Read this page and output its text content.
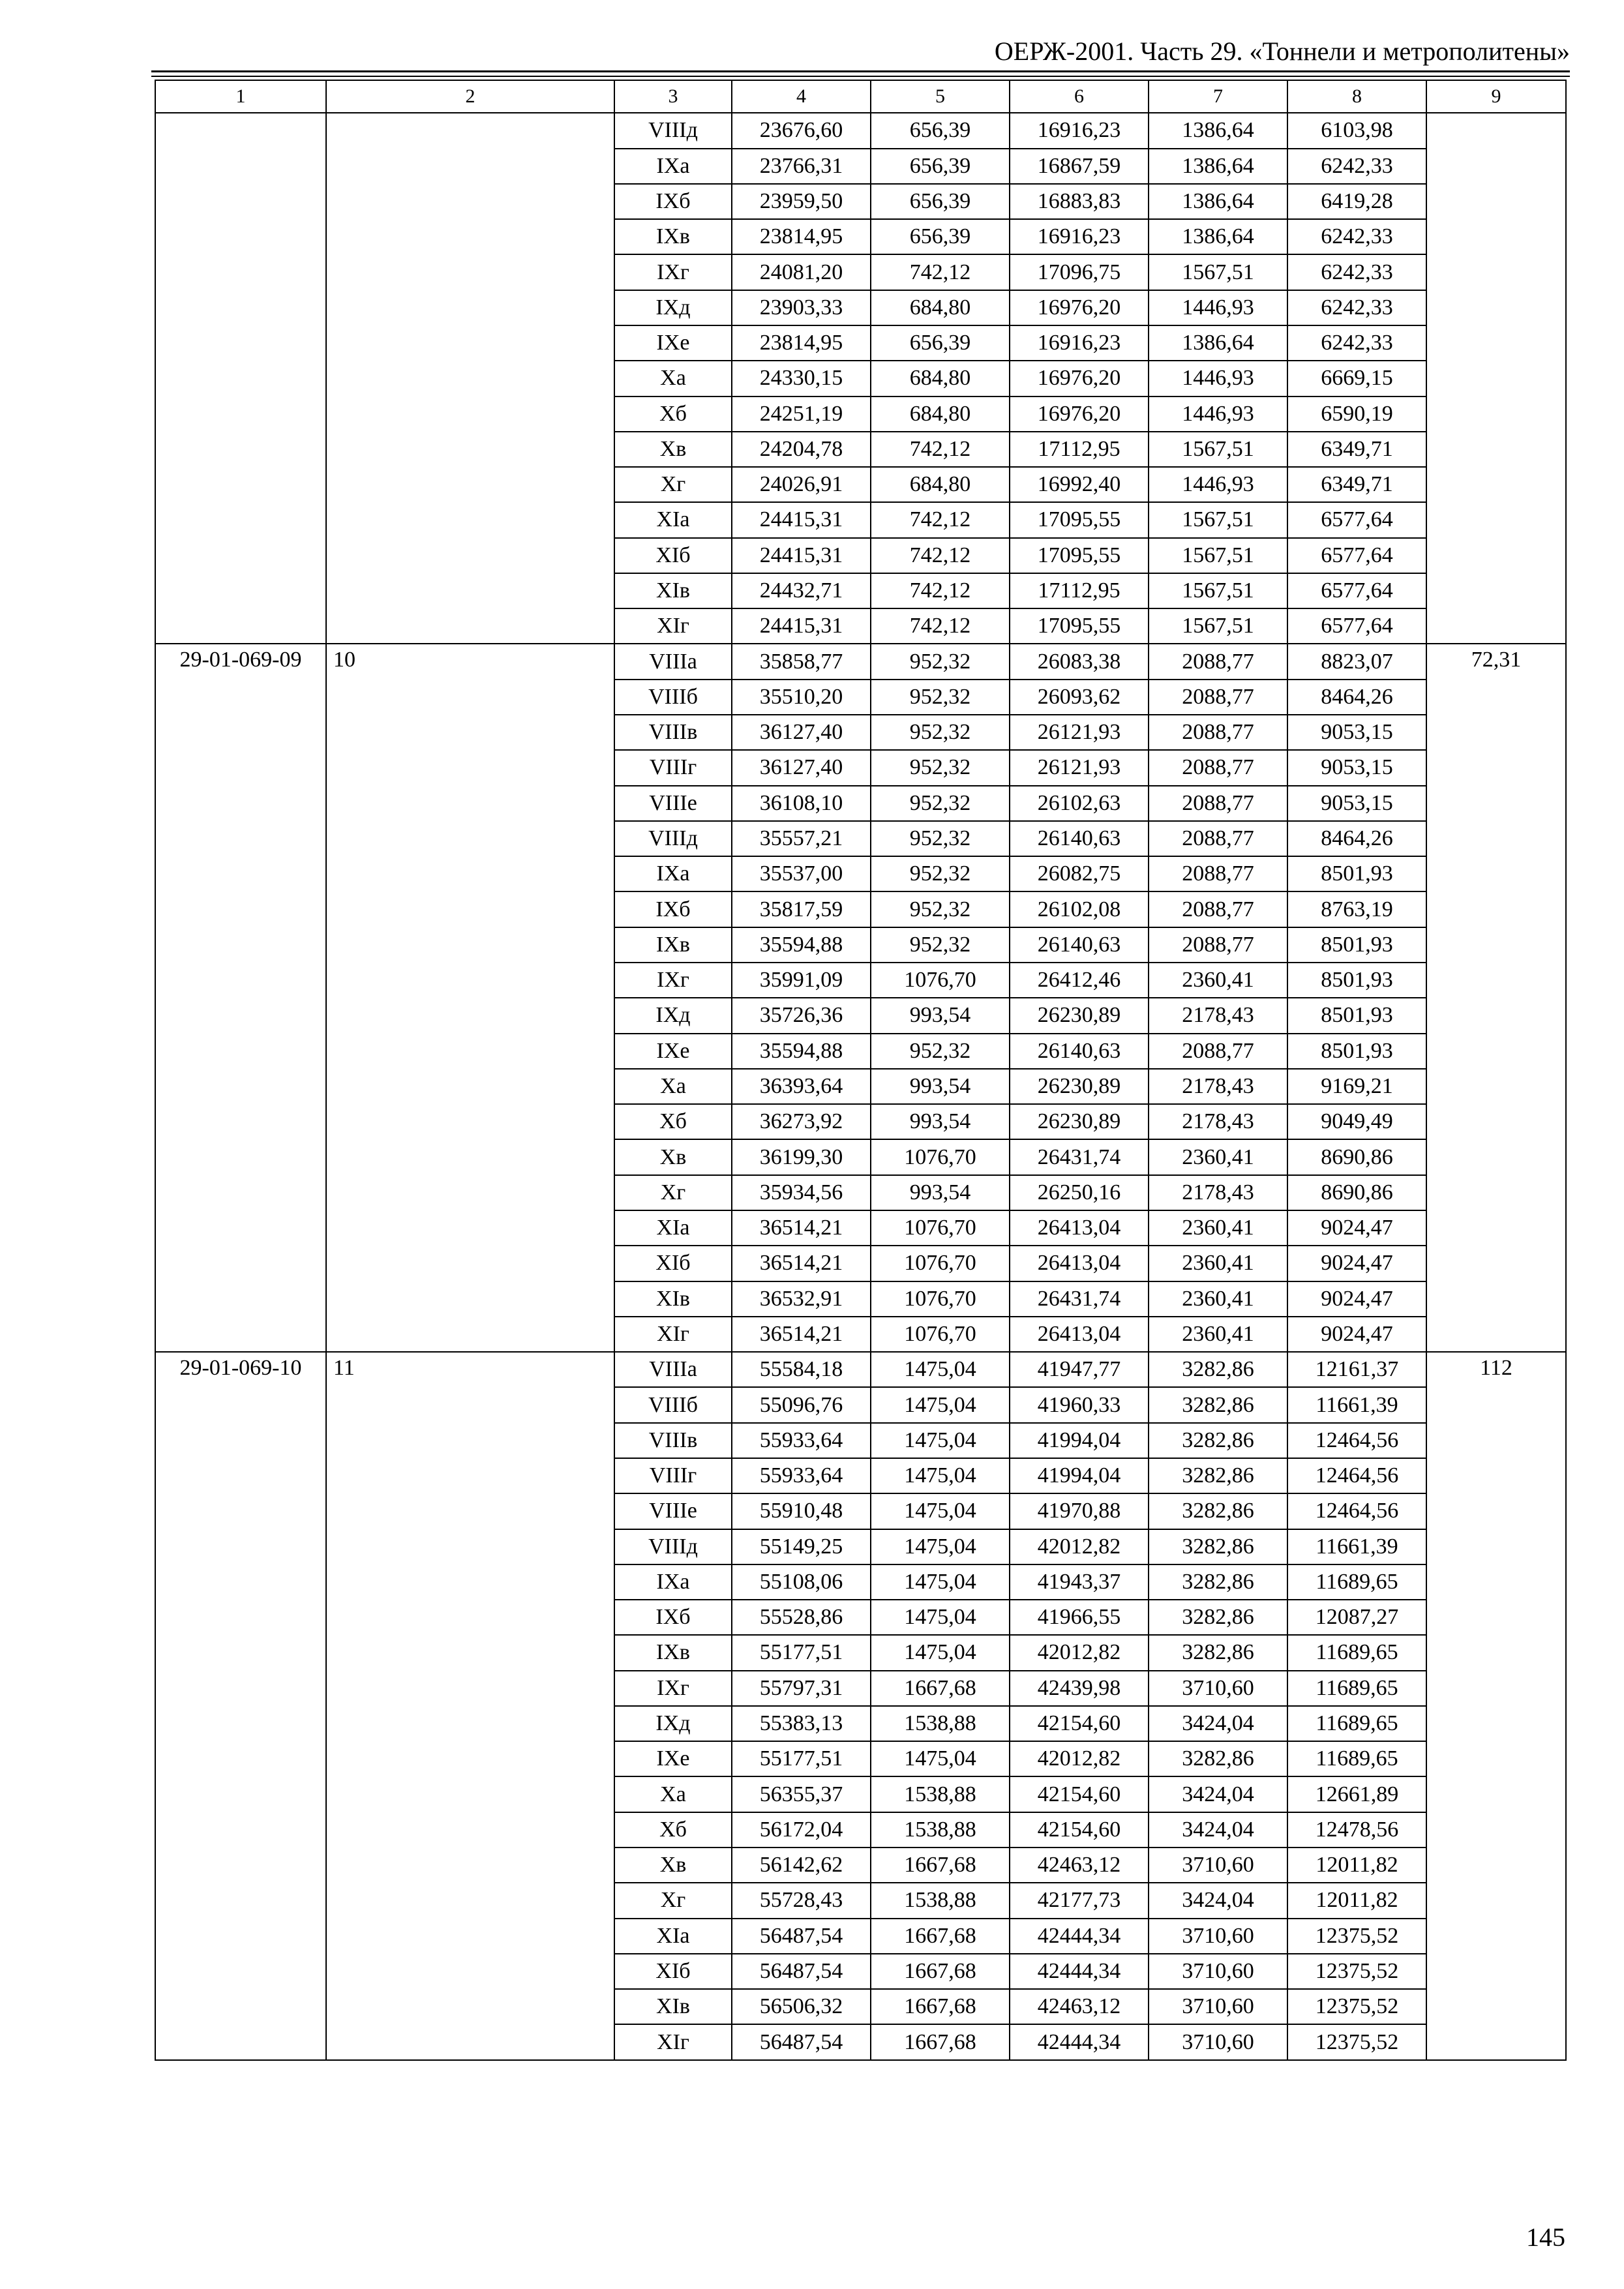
ОЕРЖ-2001. Часть 29. «Тоннели и метрополитены»
1	2	3	4	5	6	7	8	9
		VIIIд	23676,60	656,39	16916,23	1386,64	6103,98	
		IXа	23766,31	656,39	16867,59	1386,64	6242,33	
		IXб	23959,50	656,39	16883,83	1386,64	6419,28	
		IXв	23814,95	656,39	16916,23	1386,64	6242,33	
		IXг	24081,20	742,12	17096,75	1567,51	6242,33	
		IXд	23903,33	684,80	16976,20	1446,93	6242,33	
		IXе	23814,95	656,39	16916,23	1386,64	6242,33	
		Xа	24330,15	684,80	16976,20	1446,93	6669,15	
		Xб	24251,19	684,80	16976,20	1446,93	6590,19	
		Xв	24204,78	742,12	17112,95	1567,51	6349,71	
		Xг	24026,91	684,80	16992,40	1446,93	6349,71	
		XIа	24415,31	742,12	17095,55	1567,51	6577,64	
		XIб	24415,31	742,12	17095,55	1567,51	6577,64	
		XIв	24432,71	742,12	17112,95	1567,51	6577,64	
		XIг	24415,31	742,12	17095,55	1567,51	6577,64	
29-01-069-09	10	VIIIа	35858,77	952,32	26083,38	2088,77	8823,07	72,31
		VIIIб	35510,20	952,32	26093,62	2088,77	8464,26	
		VIIIв	36127,40	952,32	26121,93	2088,77	9053,15	
		VIIIг	36127,40	952,32	26121,93	2088,77	9053,15	
		VIIIе	36108,10	952,32	26102,63	2088,77	9053,15	
		VIIIд	35557,21	952,32	26140,63	2088,77	8464,26	
		IXа	35537,00	952,32	26082,75	2088,77	8501,93	
		IXб	35817,59	952,32	26102,08	2088,77	8763,19	
		IXв	35594,88	952,32	26140,63	2088,77	8501,93	
		IXг	35991,09	1076,70	26412,46	2360,41	8501,93	
		IXд	35726,36	993,54	26230,89	2178,43	8501,93	
		IXе	35594,88	952,32	26140,63	2088,77	8501,93	
		Xа	36393,64	993,54	26230,89	2178,43	9169,21	
		Xб	36273,92	993,54	26230,89	2178,43	9049,49	
		Xв	36199,30	1076,70	26431,74	2360,41	8690,86	
		Xг	35934,56	993,54	26250,16	2178,43	8690,86	
		XIа	36514,21	1076,70	26413,04	2360,41	9024,47	
		XIб	36514,21	1076,70	26413,04	2360,41	9024,47	
		XIв	36532,91	1076,70	26431,74	2360,41	9024,47	
		XIг	36514,21	1076,70	26413,04	2360,41	9024,47	
29-01-069-10	11	VIIIа	55584,18	1475,04	41947,77	3282,86	12161,37	112
		VIIIб	55096,76	1475,04	41960,33	3282,86	11661,39	
		VIIIв	55933,64	1475,04	41994,04	3282,86	12464,56	
		VIIIг	55933,64	1475,04	41994,04	3282,86	12464,56	
		VIIIе	55910,48	1475,04	41970,88	3282,86	12464,56	
		VIIIд	55149,25	1475,04	42012,82	3282,86	11661,39	
		IXа	55108,06	1475,04	41943,37	3282,86	11689,65	
		IXб	55528,86	1475,04	41966,55	3282,86	12087,27	
		IXв	55177,51	1475,04	42012,82	3282,86	11689,65	
		IXг	55797,31	1667,68	42439,98	3710,60	11689,65	
		IXд	55383,13	1538,88	42154,60	3424,04	11689,65	
		IXе	55177,51	1475,04	42012,82	3282,86	11689,65	
		Xа	56355,37	1538,88	42154,60	3424,04	12661,89	
		Xб	56172,04	1538,88	42154,60	3424,04	12478,56	
		Xв	56142,62	1667,68	42463,12	3710,60	12011,82	
		Xг	55728,43	1538,88	42177,73	3424,04	12011,82	
		XIа	56487,54	1667,68	42444,34	3710,60	12375,52	
		XIб	56487,54	1667,68	42444,34	3710,60	12375,52	
		XIв	56506,32	1667,68	42463,12	3710,60	12375,52	
		XIг	56487,54	1667,68	42444,34	3710,60	12375,52	
145
